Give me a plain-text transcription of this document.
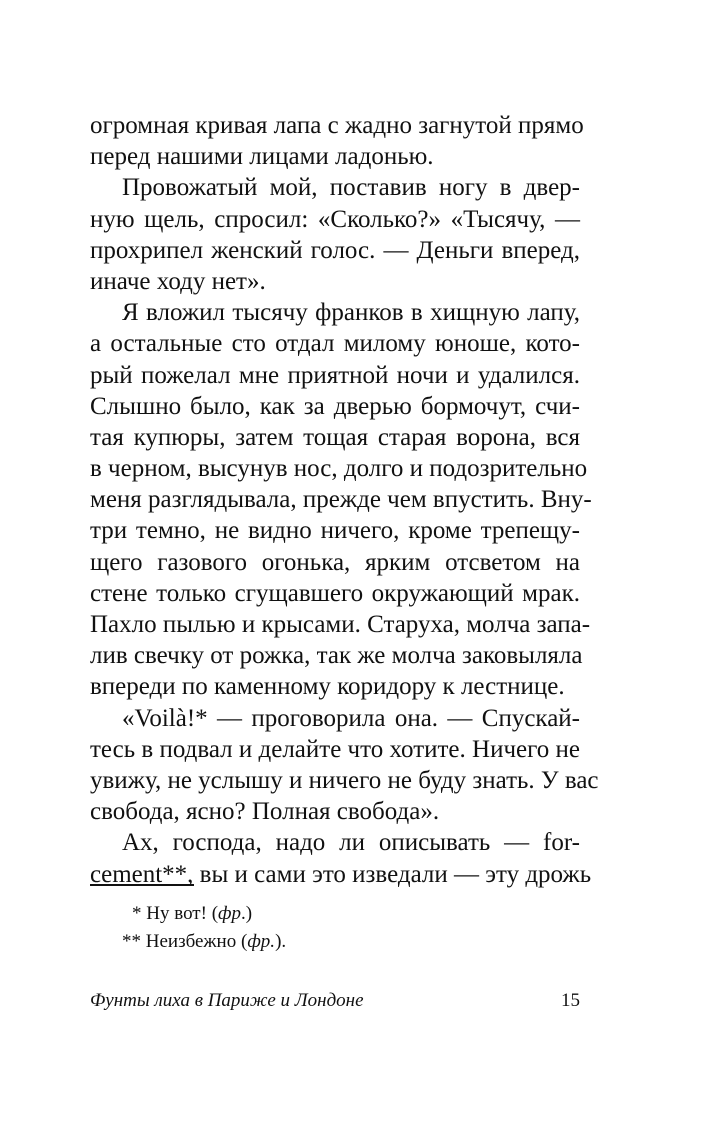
огромная кривая лапа с жадно загнутой прямо
перед нашими лицами ладонью.
Провожатый мой, поставив ногу в двер-
ную щель, спросил: «Сколько?» «Тысячу, —
прохрипел женский голос. — Деньги вперед,
иначе ходу нет».
Я вложил тысячу франков в хищную лапу,
а остальные сто отдал милому юноше, кото-
рый пожелал мне приятной ночи и удалился.
Слышно было, как за дверью бормочут, счи-
тая купюры, затем тощая старая ворона, вся
в черном, высунув нос, долго и подозрительно
меня разглядывала, прежде чем впустить. Вну-
три темно, не видно ничего, кроме трепещу-
щего газового огонька, ярким отсветом на
стене только сгущавшего окружающий мрак.
Пахло пылью и крысами. Старуха, молча запа-
лив свечку от рожка, так же молча заковыляла
впереди по каменному коридору к лестнице.
«Voilà!* — проговорила она. — Спускай-
тесь в подвал и делайте что хотите. Ничего не
увижу, не услышу и ничего не буду знать. У вас
свобода, ясно? Полная свобода».
Ах, господа, надо ли описывать — for-
cement**, вы и сами это изведали — эту дрожь
* Ну вот! (фр.)
** Неизбежно (фр.).
Фунты лиха в Париже и Лондоне	15
